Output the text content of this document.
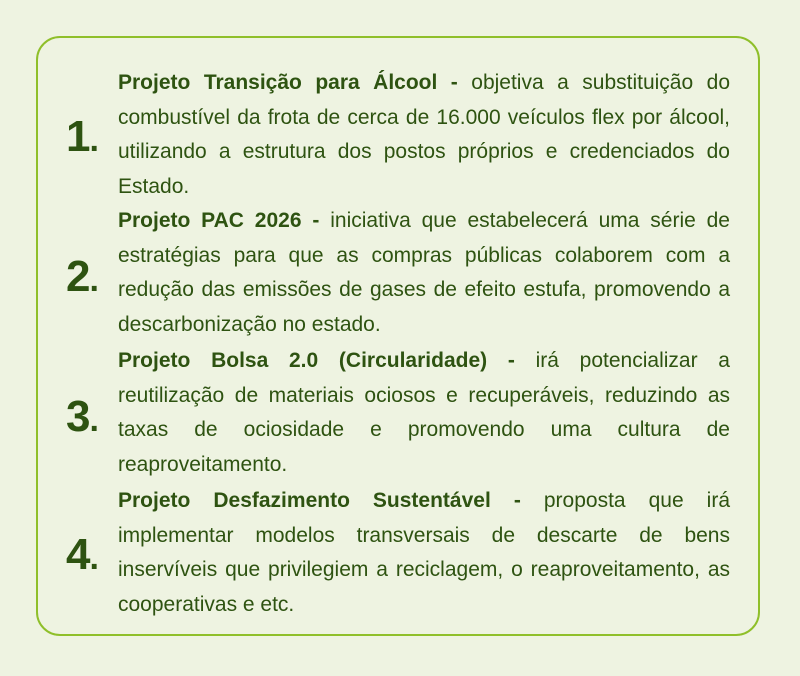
1.
Projeto Transição para Álcool - objetiva a substituição do combustível da frota de cerca de 16.000 veículos flex por álcool, utilizando a estrutura dos postos próprios e credenciados do Estado.
2.
Projeto PAC 2026 - iniciativa que estabelecerá uma série de estratégias para que as compras públicas colaborem com a redução das emissões de gases de efeito estufa, promovendo a descarbonização no estado.
3.
Projeto Bolsa 2.0 (Circularidade) - irá potencializar a reutilização de materiais ociosos e recuperáveis, reduzindo as taxas de ociosidade e promovendo uma cultura de reaproveitamento.
4.
Projeto Desfazimento Sustentável - proposta que irá implementar modelos transversais de descarte de bens inservíveis que privilegiem a reciclagem, o reaproveitamento, as cooperativas e etc.
